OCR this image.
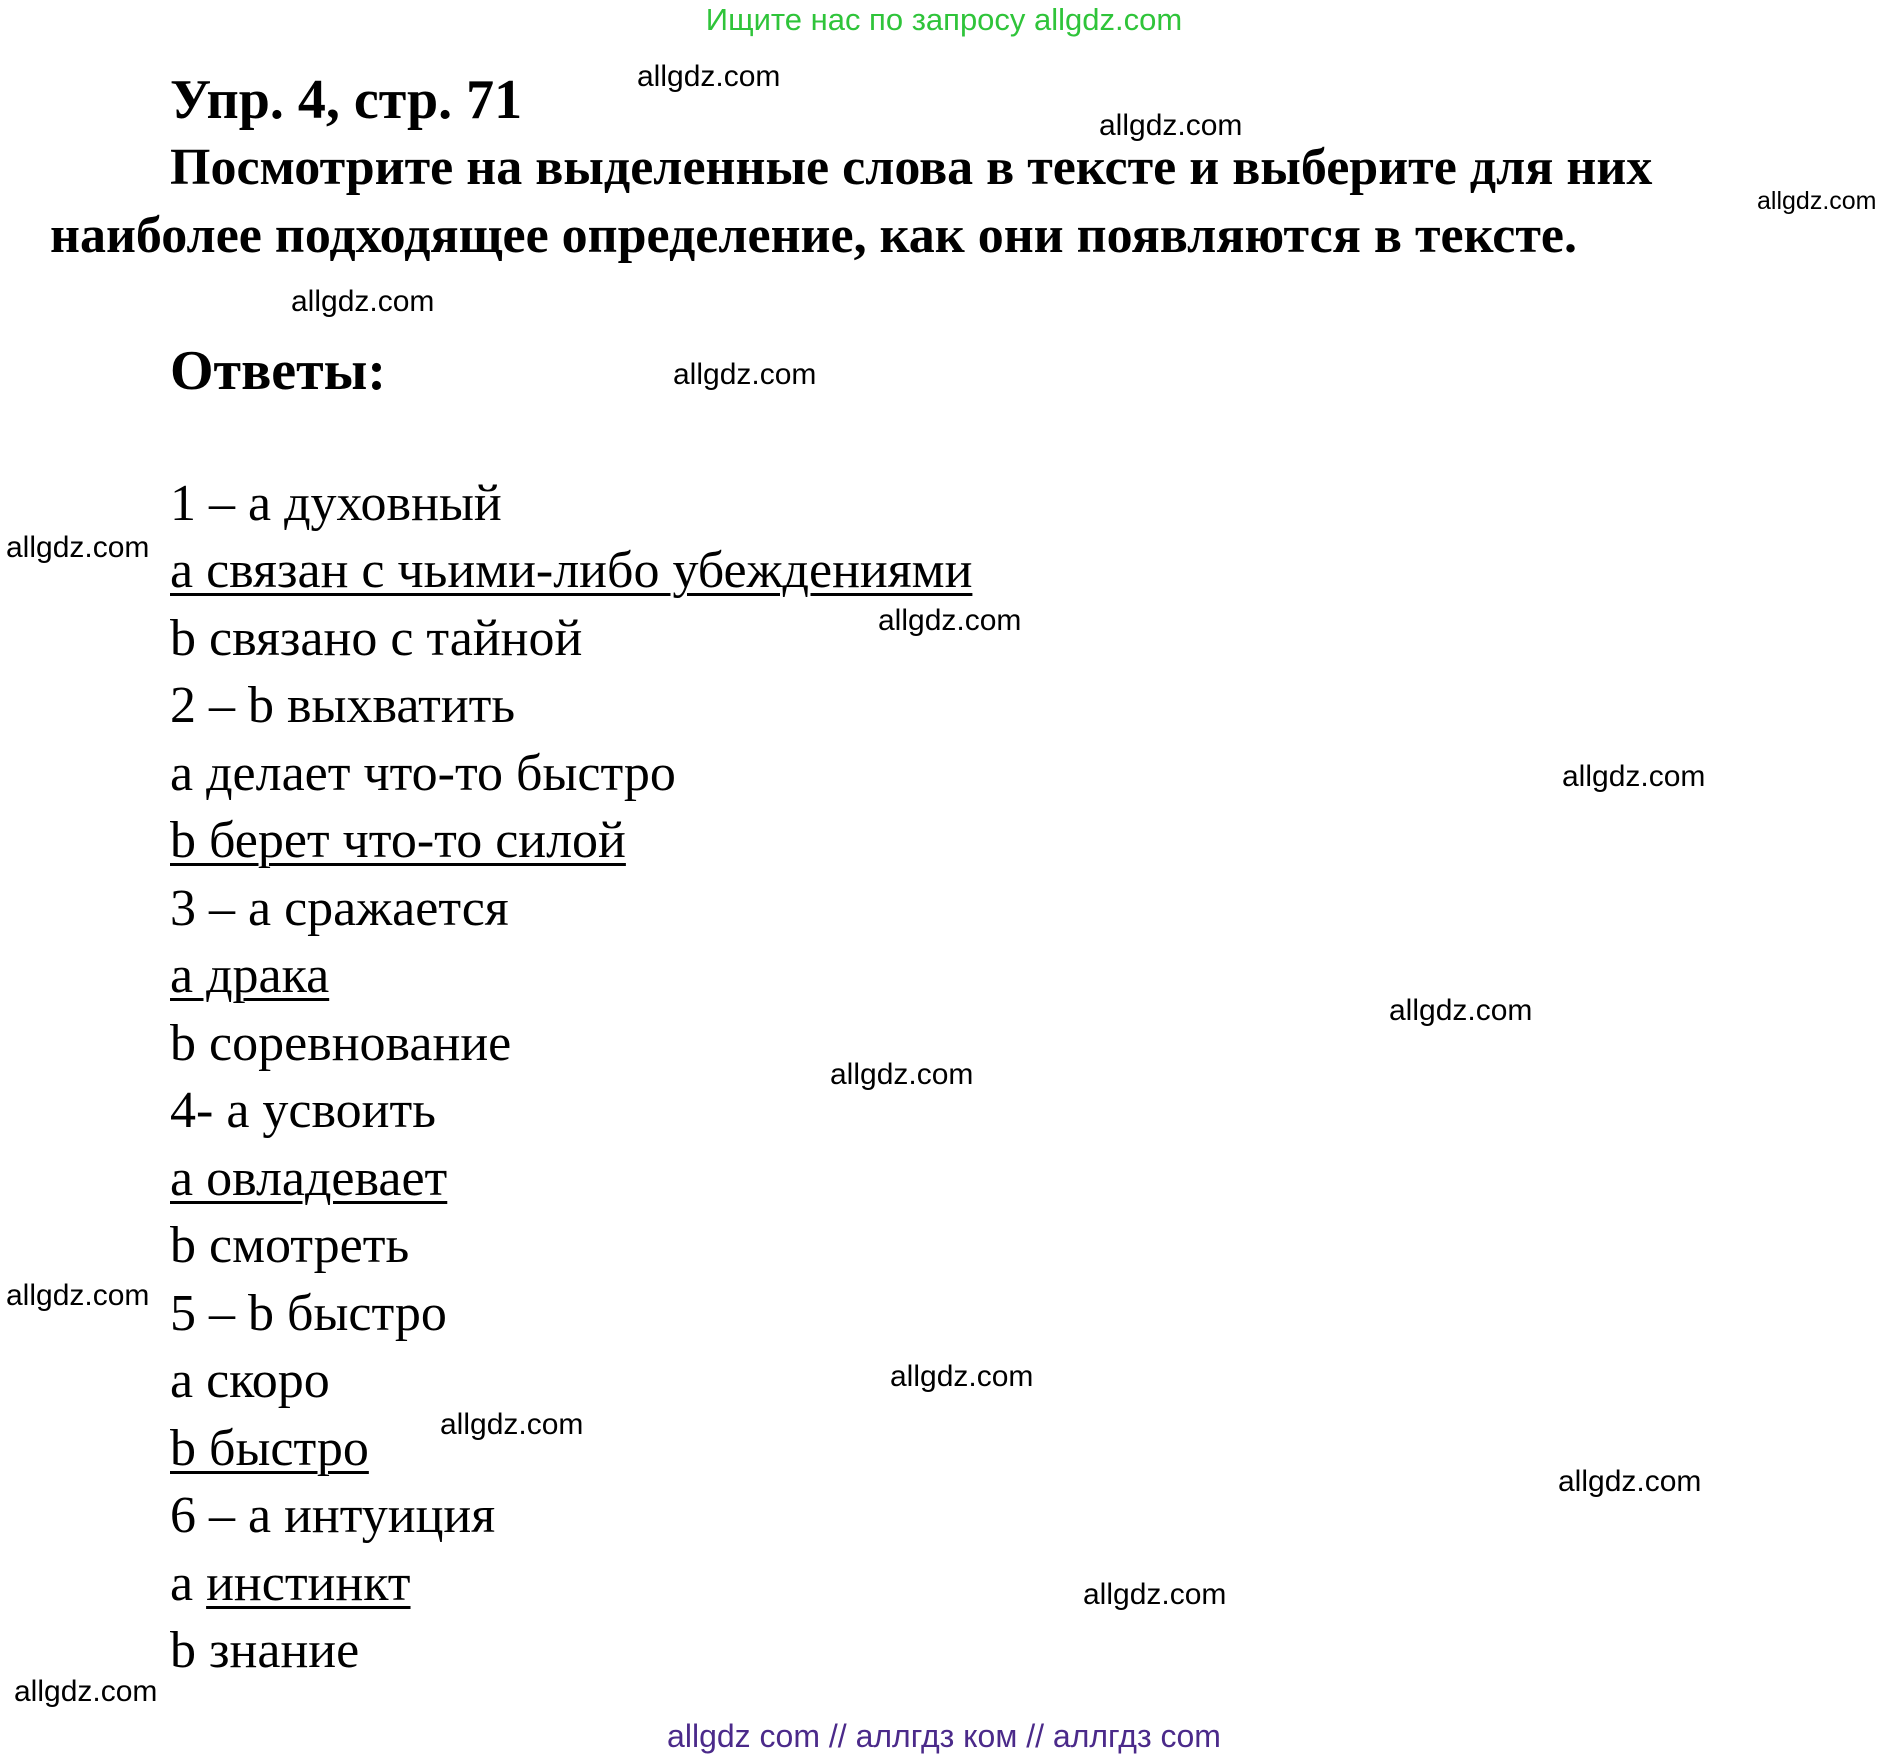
Ищите нас по запросу allgdz.com
Упр. 4, стр. 71
Посмотрите на выделенные слова в тексте и выберите для них
наиболее подходящее определение, как они появляются в тексте.
Ответы:
1 – а духовный
a связан с чьими-либо убеждениями
b связано с тайной
2 – b выхватить
a делает что-то быстро
b берет что-то силой
3 – а сражается
a драка
b соревнование
4- а усвоить
a овладевает
b смотреть
5 – b быстро
a скоро
b быстро
6 – а интуиция
a инстинкт
b знание
allgdz.com
allgdz.com
allgdz.com
allgdz.com
allgdz.com
allgdz.com
allgdz.com
allgdz.com
allgdz.com
allgdz.com
allgdz.com
allgdz.com
allgdz.com
allgdz.com
allgdz.com
allgdz.com
allgdz com // аллгдз ком // аллгдз com
